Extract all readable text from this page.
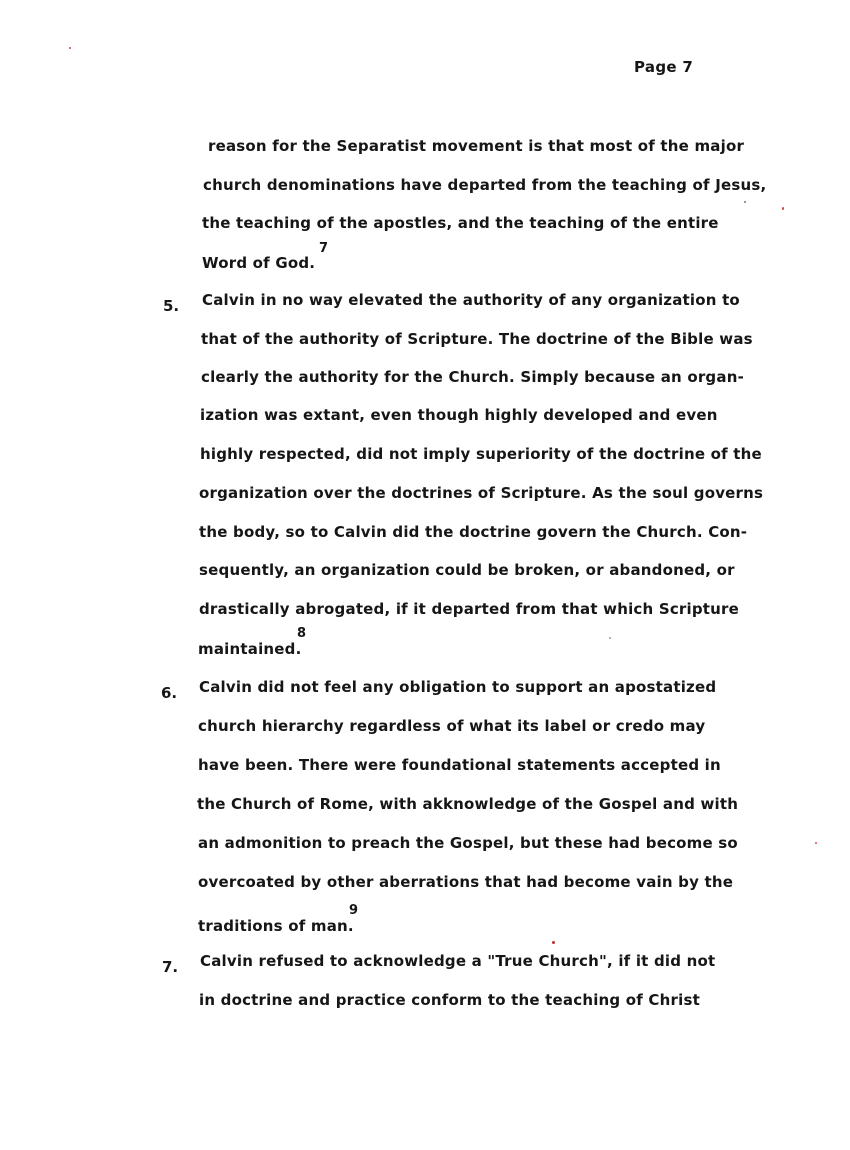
Page 7
reason for the Separatist movement is that most of the major
church denominations have departed from the teaching of Jesus,
the teaching of the apostles, and the teaching of the entire
Word of God.
7
5. Calvin in no way elevated the authority of any organization to
that of the authority of Scripture. The doctrine of the Bible was
clearly the authority for the Church. Simply because an organ-
ization was extant, even though highly developed and even
highly respected, did not imply superiority of the doctrine of the
organization over the doctrines of Scripture. As the soul governs
the body, so to Calvin did the doctrine govern the Church. Con-
sequently, an organization could be broken, or abandoned, or
drastically abrogated, if it departed from that which Scripture
maintained.
8
6. Calvin did not feel any obligation to support an apostatized
church hierarchy regardless of what its label or credo may
have been. There were foundational statements accepted in
the Church of Rome, with akknowledge of the Gospel and with
an admonition to preach the Gospel, but these had become so
overcoated by other aberrations that had become vain by the
traditions of man.
9
7. Calvin refused to acknowledge a "True Church", if it did not
in doctrine and practice conform to the teaching of Christ
